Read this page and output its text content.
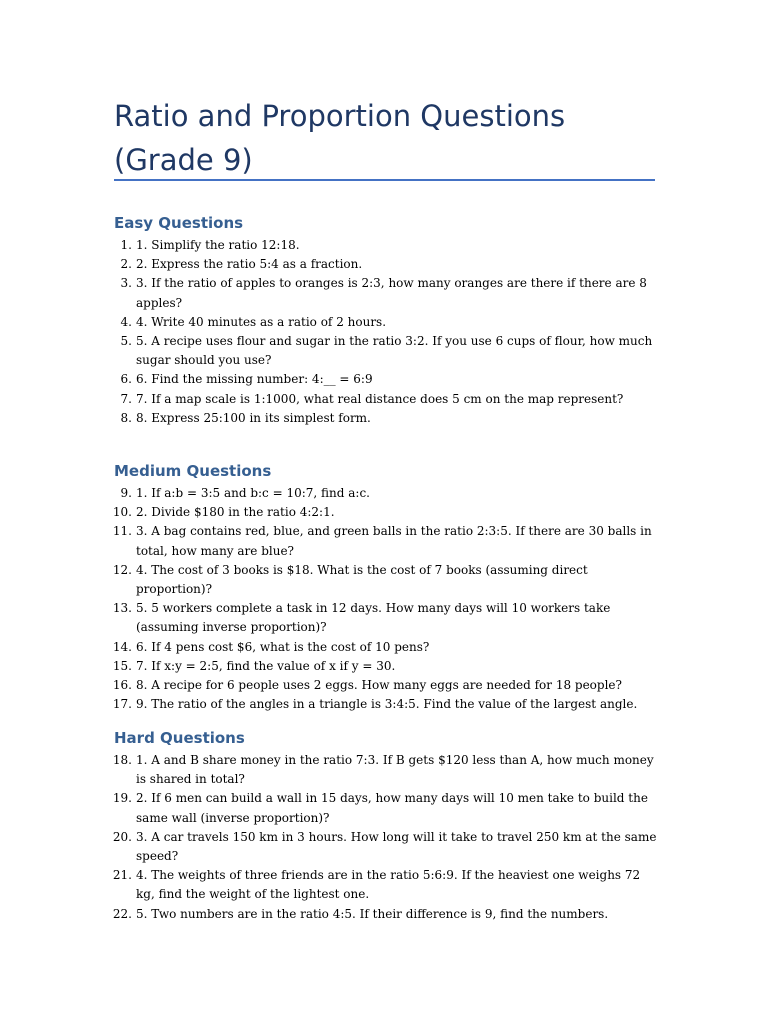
Ratio and Proportion Questions (Grade 9)
Easy Questions
1. 1. Simplify the ratio 12:18.
2. 2. Express the ratio 5:4 as a fraction.
3. 3. If the ratio of apples to oranges is 2:3, how many oranges are there if there are 8 apples?
4. 4. Write 40 minutes as a ratio of 2 hours.
5. 5. A recipe uses flour and sugar in the ratio 3:2. If you use 6 cups of flour, how much sugar should you use?
6. 6. Find the missing number: 4:__ = 6:9
7. 7. If a map scale is 1:1000, what real distance does 5 cm on the map represent?
8. 8. Express 25:100 in its simplest form.
Medium Questions
9. 1. If a:b = 3:5 and b:c = 10:7, find a:c.
10. 2. Divide $180 in the ratio 4:2:1.
11. 3. A bag contains red, blue, and green balls in the ratio 2:3:5. If there are 30 balls in total, how many are blue?
12. 4. The cost of 3 books is $18. What is the cost of 7 books (assuming direct proportion)?
13. 5. 5 workers complete a task in 12 days. How many days will 10 workers take (assuming inverse proportion)?
14. 6. If 4 pens cost $6, what is the cost of 10 pens?
15. 7. If x:y = 2:5, find the value of x if y = 30.
16. 8. A recipe for 6 people uses 2 eggs. How many eggs are needed for 18 people?
17. 9. The ratio of the angles in a triangle is 3:4:5. Find the value of the largest angle.
Hard Questions
18. 1. A and B share money in the ratio 7:3. If B gets $120 less than A, how much money is shared in total?
19. 2. If 6 men can build a wall in 15 days, how many days will 10 men take to build the same wall (inverse proportion)?
20. 3. A car travels 150 km in 3 hours. How long will it take to travel 250 km at the same speed?
21. 4. The weights of three friends are in the ratio 5:6:9. If the heaviest one weighs 72 kg, find the weight of the lightest one.
22. 5. Two numbers are in the ratio 4:5. If their difference is 9, find the numbers.
